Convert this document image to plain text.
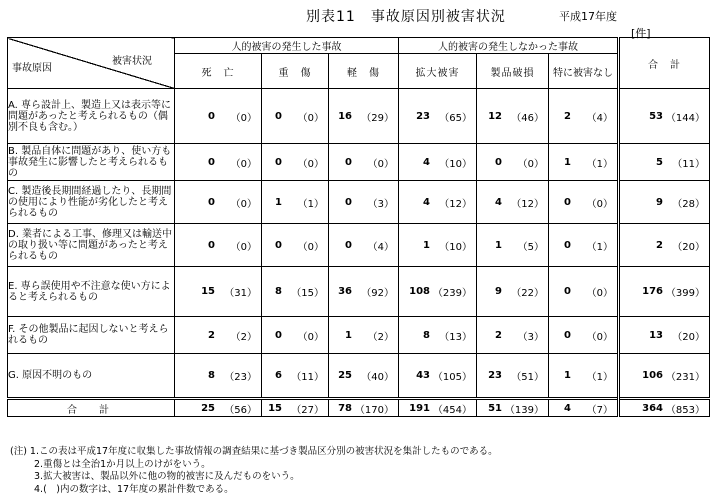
別表11　事故原因別被害状況	平成17年度
[件]
被害状況
事故原因	人的被害の発生した事故			人的被害の発生しなかった事故			合　計
	死　亡	重　傷	軽　傷	拡大被害	製品破損	特に被害なし	
A. 専ら設計上、製造上又は表示等に問題があったと考えられるもの（偶別不良も含む。）	0 （0）	0 （0）	16 （29）	23 （65）	12 （46）	2 （4）	53 （144）

B. 製品自体に問題があり、使い方も事故発生に影響したと考えられるもの	0 （0）	0 （0）	0 （0）	4 （10）	0 （0）	1 （1）	5 （11）

C. 製造後長期間経過したり、長期間の使用により性能が劣化したと考えられるもの	0 （0）	1 （1）	0 （3）	4 （12）	4 （12）	0 （0）	9 （28）

D. 業者による工事、修理又は輸送中の取り扱い等に問題があったと考えられるもの	0 （0）	0 （0）	0 （4）	1 （10）	1 （5）	0 （1）	2 （20）

E. 専ら誤使用や不注意な使い方によると考えられるもの	15 （31）	8 （15）	36 （92）	108 （239）	9 （22）	0 （0）	176 （399）

F. その他製品に起因しないと考えられるもの	2 （2）	0 （0）	1 （2）	8 （13）	2 （3）	0 （0）	13 （20）

G. 原因不明のもの	8 （23）	6 （11）	25 （40）	43 （105）	23 （51）	1 （1）	106 （231）

合　計	25 （56）	15 （27）	78 （170）	191 （454）	51 （139）	4 （7）	364 （853）
(注) 1.この表は平成17年度に収集した事故情報の調査結果に基づき製品区分別の被害状況を集計したものである。
2.重傷とは全治1か月以上のけがをいう。
3.拡大被害は、製品以外に他の物的被害に及んだものをいう。
4.(　)内の数字は、17年度の累計件数である。
